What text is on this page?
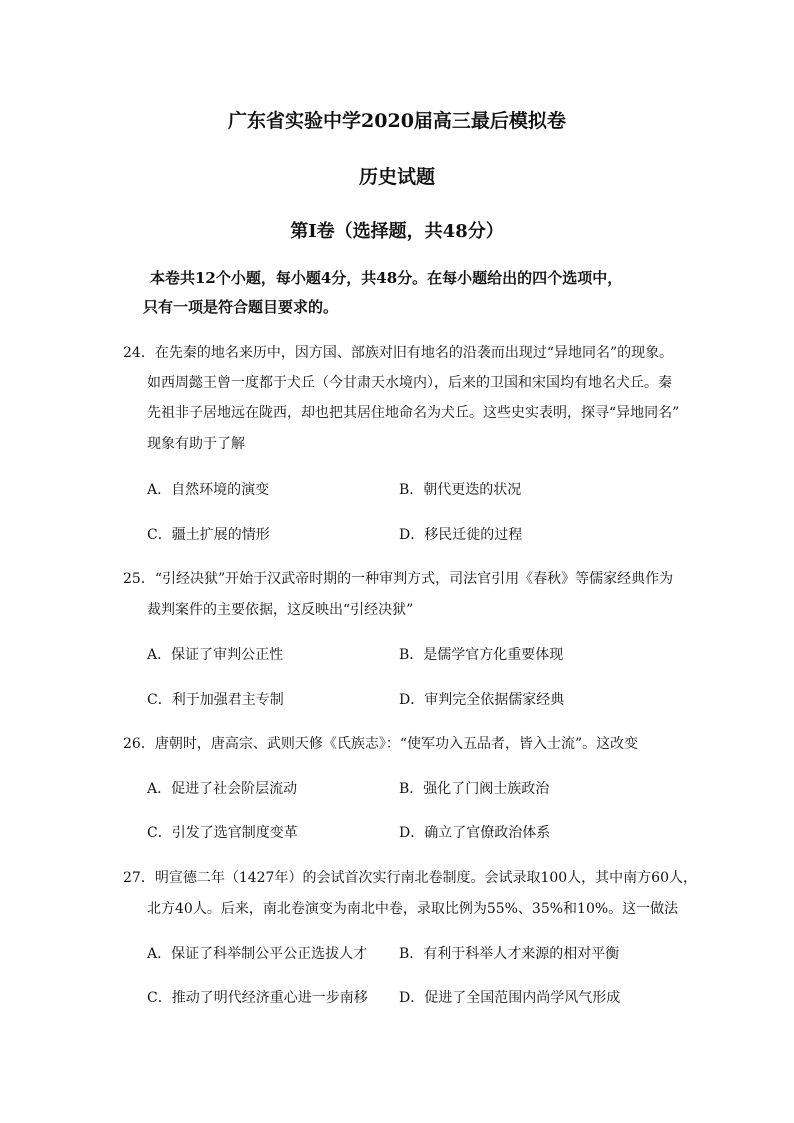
广东省实验中学2020届高三最后模拟卷
历史试题
第Ⅰ卷（选择题，共48分）
本卷共12个小题，每小题4分，共48分。在每小题给出的四个选项中，
只有一项是符合题目要求的。
24．在先秦的地名来历中，因方国、部族对旧有地名的沿袭而出现过“异地同名”的现象。
如西周懿王曾一度都于犬丘（今甘肃天水境内），后来的卫国和宋国均有地名犬丘。秦
先祖非子居地远在陇西，却也把其居住地命名为犬丘。这些史实表明，探寻“异地同名”
现象有助于了解
A．自然环境的演变	B．朝代更迭的状况
C．疆土扩展的情形	D．移民迁徙的过程
25．“引经决狱”开始于汉武帝时期的一种审判方式，司法官引用《春秋》等儒家经典作为
裁判案件的主要依据，这反映出“引经决狱”
A．保证了审判公正性	B．是儒学官方化重要体现
C．利于加强君主专制	D．审判完全依据儒家经典
26．唐朝时，唐高宗、武则天修《氏族志》：“使军功入五品者，皆入士流”。这改变
A．促进了社会阶层流动	B．强化了门阀士族政治
C．引发了选官制度变革	D．确立了官僚政治体系
27．明宣德二年（1427年）的会试首次实行南北卷制度。会试录取100人，其中南方60人，
北方40人。后来，南北卷演变为南北中卷，录取比例为55%、35%和10%。这一做法
A．保证了科举制公平公正选拔人才 B．有利于科举人才来源的相对平衡
C．推动了明代经济重心进一步南移 D．促进了全国范围内尚学风气形成
